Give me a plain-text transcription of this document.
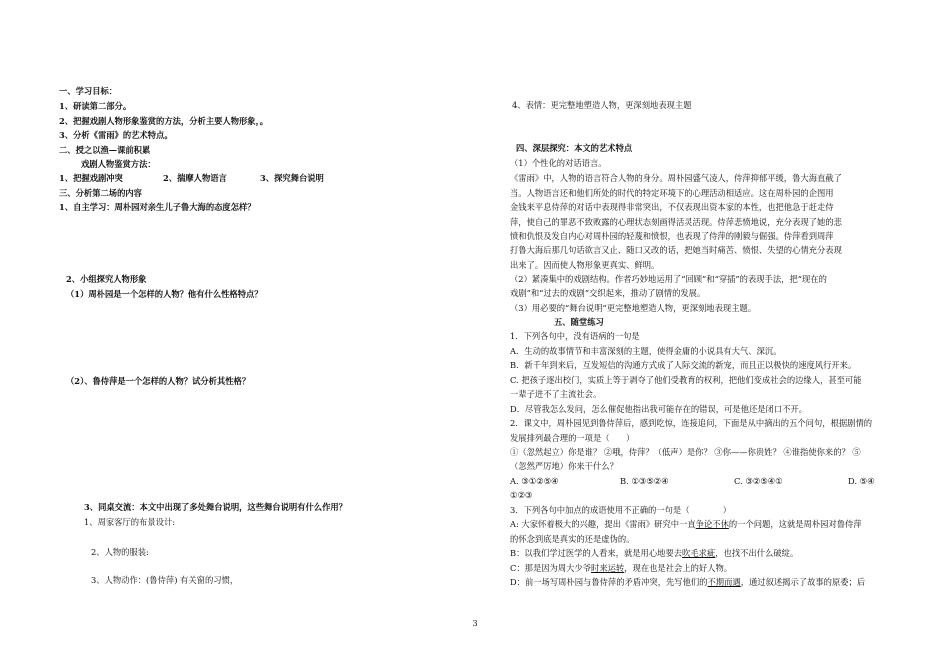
一、学习目标：
1、研读第二部分。
2、把握戏剧人物形象鉴赏的方法，分析主要人物形象，。
3、分析《雷雨》的艺术特点。
二、授之以渔—课前积累
戏剧人物鉴赏方法：
1、把握戏剧冲突	2、揣摩人物语言	3、探究舞台说明
三、分析第二场的内容
1、自主学习：周朴园对亲生儿子鲁大海的态度怎样？
2、小组探究人物形象
（1）周朴园是一个怎样的人物？他有什么性格特点？
（2）、鲁侍萍是一个怎样的人物？试分析其性格？
3、同桌交流：本文中出现了多处舞台说明，这些舞台说明有什么作用？
1、周家客厅的布景设计:
2、人物的服装:
3、人物动作：(鲁侍萍) 有关窗的习惯，
4、表情：更完整地塑造人物，更深刻地表现主题
四、深层探究：本文的艺术特点
（1）个性化的对话语言。
《雷雨》中，人物的语言符合人物的身分。周朴园盛气凌人，侍萍抑郁平缓，鲁大海直截了
当。人物语言还和他们所处的时代的特定环境下的心理活动相适应。这在周朴园的企图用
金钱来平息侍萍的对话中表现得非常突出，不仅表现出资本家的本性，也把他急于赶走侍
萍，使自己的罪恶不致败露的心理状态刻画得活灵活现。侍萍悲愤地说，充分表现了她的悲
愤和仇恨及发自内心对周朴园的轻蔑和愤恨，也表现了侍萍的刚毅与倔强。侍萍看到周萍
打鲁大海后那几句话欲言又止、随口又改的话，把她当时痛苦、愤恨、失望的心情充分表现
出来了。因而使人物形象更真实、鲜明。
（2）紧凑集中的戏剧结构。作者巧妙地运用了“回顾”和“穿插”的表现手法，把“现在的
戏剧”和“过去的戏剧”交织起来，推动了剧情的发展。
（3）用必要的“舞台说明”更完整地塑造人物，更深刻地表现主题。
五、随堂练习
1．下列各句中，没有语病的一句是
A．生动的故事情节和丰富深刻的主题，使得金庸的小说具有大气、深沉。
B．新千年到来后，互发短信的沟通方式成了人际交流的新宠，而且正以极快的速度风行开来。
C. 把孩子逐出校门，实质上等于剥夺了他们受教育的权利，把他们变成社会的边缘人，甚至可能
一辈子进不了主流社会。
D．尽管我怎么发问，怎么催促他指出我可能存在的错误，可是他还是闭口不开。
2．课文中，周朴园见到鲁侍萍后，感到吃惊，连接追问，下面是从中摘出的五个问句，根据剧情的
发展排列最合理的一项是（　　）
①（忽然起立）你是谁？ ②哦，侍萍？（低声）是你？ ③你——你贵姓？ ④谁指使你来的？ ⑤
（忽然严厉地）你来干什么？
A. ③①②⑤④	B. ①③⑤②④	C. ③②⑤④①	D. ⑤④
①②③
3．下列各句中加点的成语使用不正确的一句是（　　　　）
A: 大家怀着极大的兴趣，提出《雷雨》研究中一直争论不休的一个问题，这就是周朴园对鲁侍萍
的怀念到底是真实的还是虚伪的。
B：以我们学过医学的人看来，就是用心地要去吹毛求疵，也找不出什么破绽。
C：那是因为周大少爷时来运转，现在也是社会上的好人物。
D：前一场写周朴园与鲁侍萍的矛盾冲突，先写他们的不期而遇，通过叙述揭示了故事的原委；后
3
